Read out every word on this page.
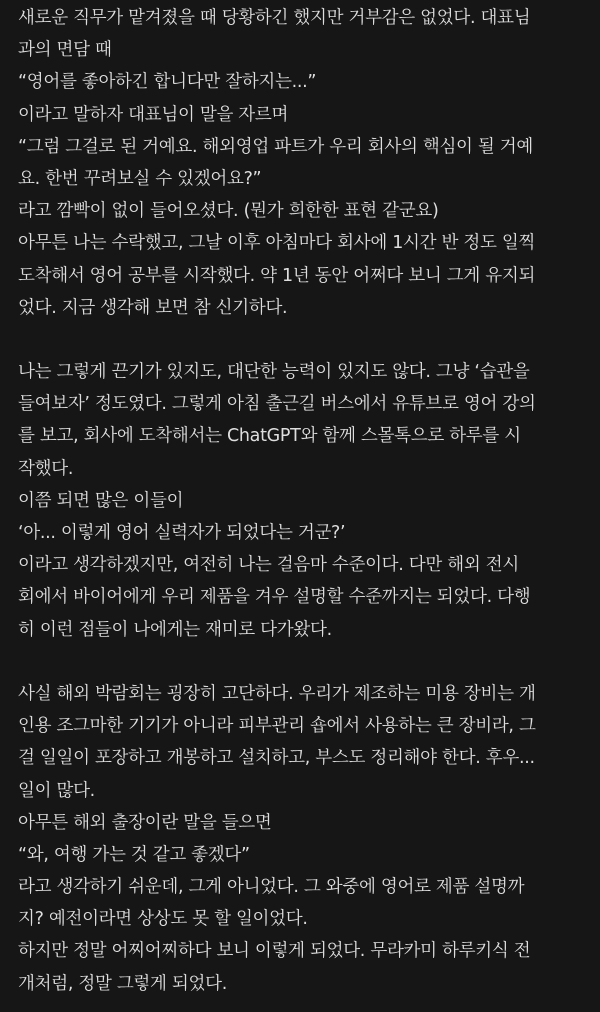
새로운 직무가 맡겨졌을 때 당황하긴 했지만 거부감은 없었다. 대표님
과의 면담 때
“영어를 좋아하긴 합니다만 잘하지는...”
이라고 말하자 대표님이 말을 자르며
“그럼 그걸로 된 거예요. 해외영업 파트가 우리 회사의 핵심이 될 거예
요. 한번 꾸려보실 수 있겠어요?”
라고 깜빡이 없이 들어오셨다. (뭔가 희한한 표현 같군요)
아무튼 나는 수락했고, 그날 이후 아침마다 회사에 1시간 반 정도 일찍
도착해서 영어 공부를 시작했다. 약 1년 동안 어쩌다 보니 그게 유지되
었다. 지금 생각해 보면 참 신기하다.
나는 그렇게 끈기가 있지도, 대단한 능력이 있지도 않다. 그냥 ‘습관을
들여보자’ 정도였다. 그렇게 아침 출근길 버스에서 유튜브로 영어 강의
를 보고, 회사에 도착해서는 ChatGPT와 함께 스몰톡으로 하루를 시
작했다.
이쯤 되면 많은 이들이
‘아... 이렇게 영어 실력자가 되었다는 거군?’
이라고 생각하겠지만, 여전히 나는 걸음마 수준이다. 다만 해외 전시
회에서 바이어에게 우리 제품을 겨우 설명할 수준까지는 되었다. 다행
히 이런 점들이 나에게는 재미로 다가왔다.
사실 해외 박람회는 굉장히 고단하다. 우리가 제조하는 미용 장비는 개
인용 조그마한 기기가 아니라 피부관리 숍에서 사용하는 큰 장비라, 그
걸 일일이 포장하고 개봉하고 설치하고, 부스도 정리해야 한다. 후우...
일이 많다.
아무튼 해외 출장이란 말을 들으면
“와, 여행 가는 것 같고 좋겠다”
라고 생각하기 쉬운데, 그게 아니었다. 그 와중에 영어로 제품 설명까
지? 예전이라면 상상도 못 할 일이었다.
하지만 정말 어찌어찌하다 보니 이렇게 되었다. 무라카미 하루키식 전
개처럼, 정말 그렇게 되었다.
